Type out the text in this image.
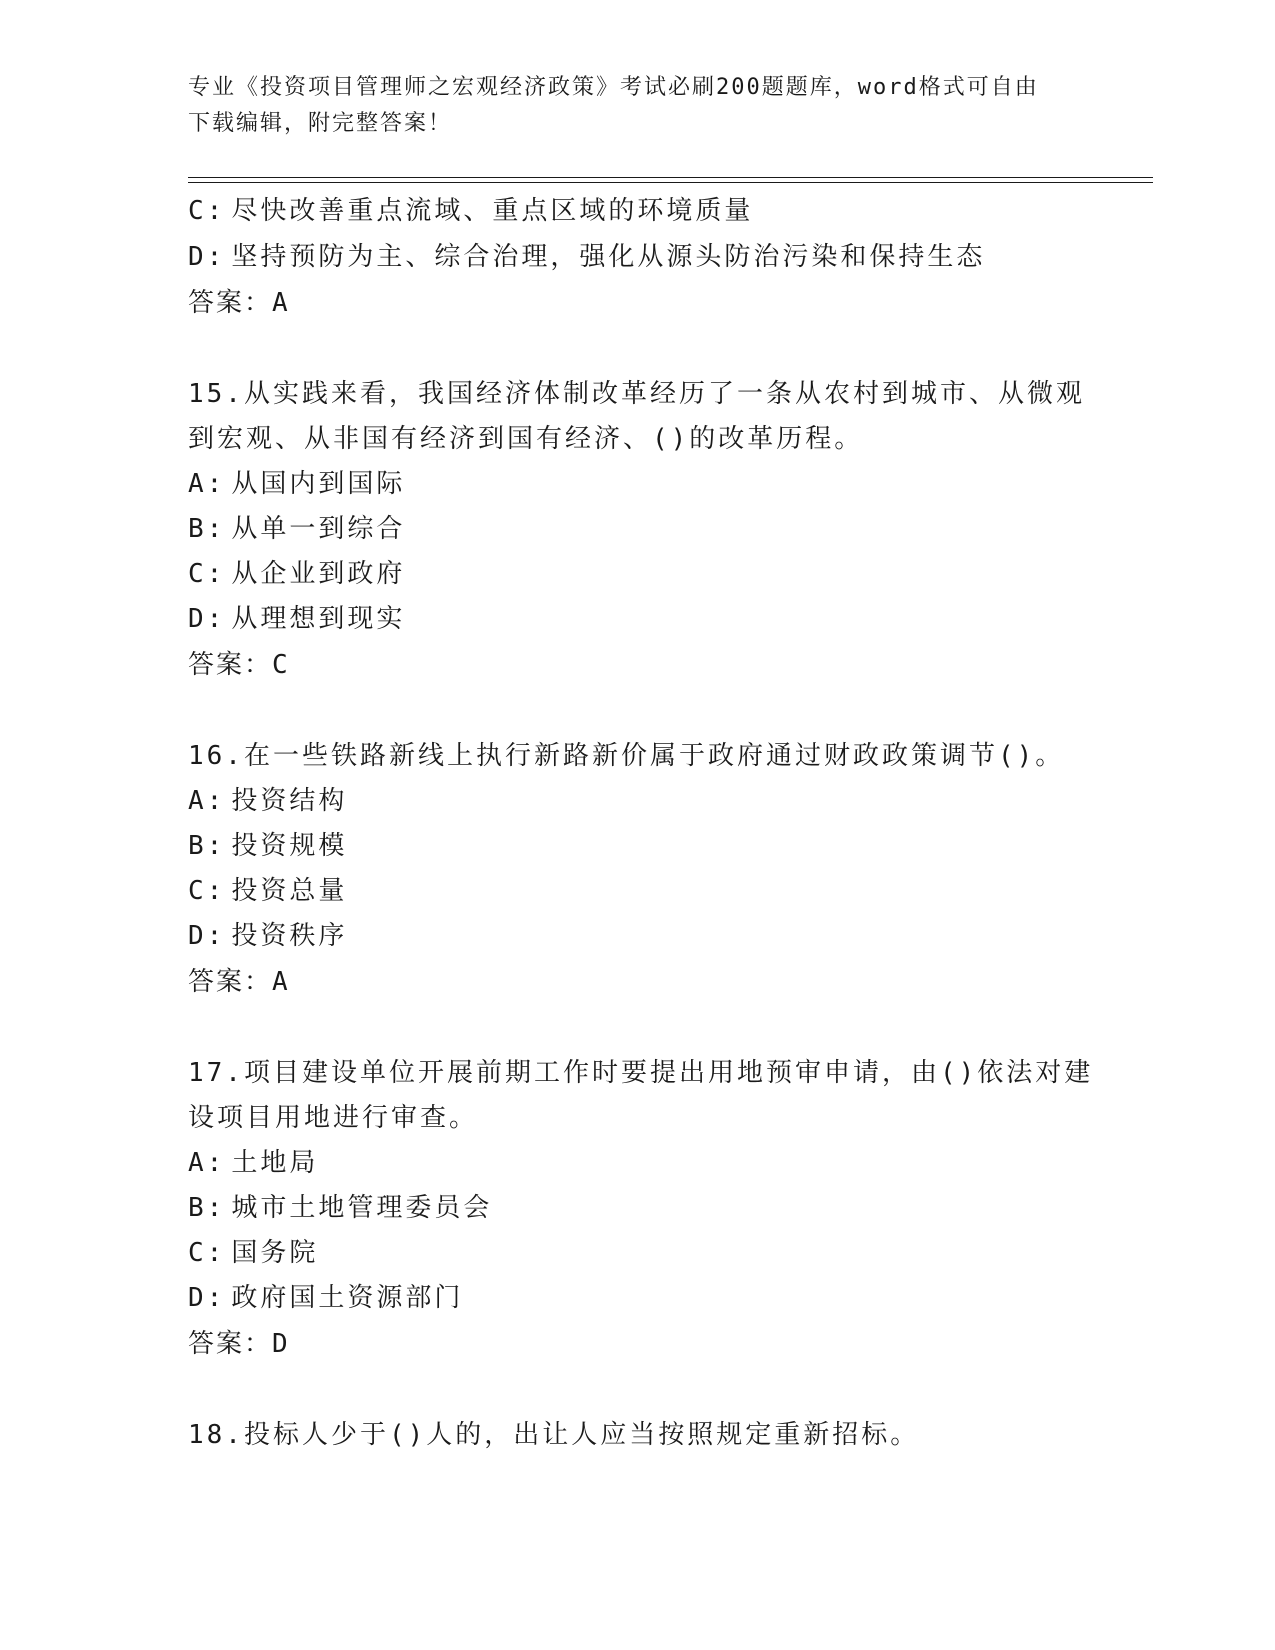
专业《投资项目管理师之宏观经济政策》考试必刷200题题库，word格式可自由
下载编辑，附完整答案！
C: 尽快改善重点流域、重点区域的环境质量
D: 坚持预防为主、综合治理，强化从源头防治污染和保持生态
答案：A
15.从实践来看，我国经济体制改革经历了一条从农村到城市、从微观
到宏观、从非国有经济到国有经济、()的改革历程。
A: 从国内到国际
B: 从单一到综合
C: 从企业到政府
D: 从理想到现实
答案：C
16.在一些铁路新线上执行新路新价属于政府通过财政政策调节()。
A: 投资结构
B: 投资规模
C: 投资总量
D: 投资秩序
答案：A
17.项目建设单位开展前期工作时要提出用地预审申请，由()依法对建
设项目用地进行审查。
A: 土地局
B: 城市土地管理委员会
C: 国务院
D: 政府国土资源部门
答案：D
18.投标人少于()人的，出让人应当按照规定重新招标。
